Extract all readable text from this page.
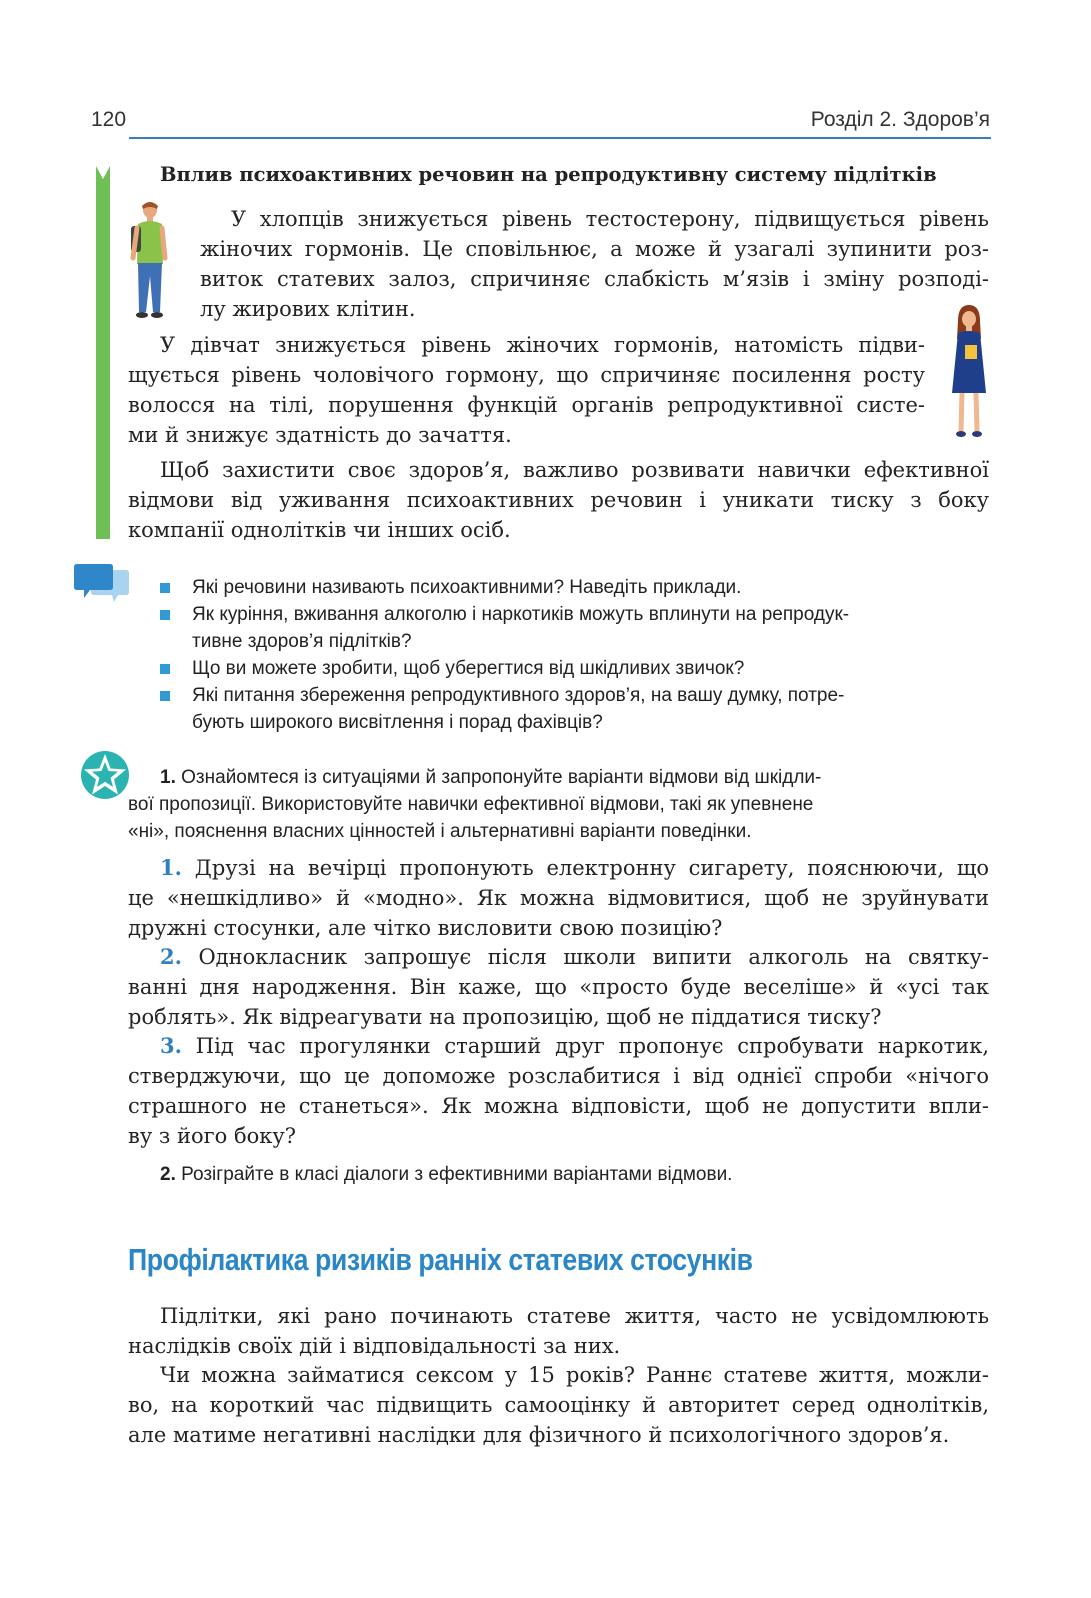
120	Розділ 2. Здоров’я
Вплив психоактивних речовин на репродуктивну систему підлітків
У хлопців знижується рівень тестостерону, підвищується рівень
жіночих гормонів. Це сповільнює, а може й узагалі зупинити роз-
виток статевих залоз, спричиняє слабкість м’язів і зміну розподі-
лу жирових клітин.
У дівчат знижується рівень жіночих гормонів, натомість підви-
щується рівень чоловічого гормону, що спричиняє посилення росту
волосся на тілі, порушення функцій органів репродуктивної систе-
ми й знижує здатність до зачаття.
Щоб захистити своє здоров’я, важливо розвивати навички ефективної
відмови від уживання психоактивних речовин і уникати тиску з боку
компанії однолітків чи інших осіб.
Які речовини називають психоактивними? Наведіть приклади.
Як куріння, вживання алкоголю і наркотиків можуть вплинути на репродук-
тивне здоров’я підлітків?
Що ви можете зробити, щоб уберегтися від шкідливих звичок?
Які питання збереження репродуктивного здоров’я, на вашу думку, потре-
бують широкого висвітлення і порад фахівців?
1. Ознайомтеся із ситуаціями й запропонуйте варіанти відмови від шкідли-
вої пропозиції. Використовуйте навички ефективної відмови, такі як упевнене
«ні», пояснення власних цінностей і альтернативні варіанти поведінки.
1. Друзі на вечірці пропонують електронну сигарету, пояснюючи, що
це «нешкідливо» й «модно». Як можна відмовитися, щоб не зруйнувати
дружні стосунки, але чітко висловити свою позицію?
2. Однокласник запрошує після школи випити алкоголь на святку-
ванні дня народження. Він каже, що «просто буде веселіше» й «усі так
роблять». Як відреагувати на пропозицію, щоб не піддатися тиску?
3. Під час прогулянки старший друг пропонує спробувати наркотик,
стверджуючи, що це допоможе розслабитися і від однієї спроби «нічого
страшного не станеться». Як можна відповісти, щоб не допустити впли-
ву з його боку?
2. Розіграйте в класі діалоги з ефективними варіантами відмови.
Профілактика ризиків ранніх статевих стосунків
Підлітки, які рано починають статеве життя, часто не усвідомлюють
наслідків своїх дій і відповідальності за них.
Чи можна займатися сексом у 15 років? Раннє статеве життя, можли-
во, на короткий час підвищить самооцінку й авторитет серед однолітків,
але матиме негативні наслідки для фізичного й психологічного здоров’я.
